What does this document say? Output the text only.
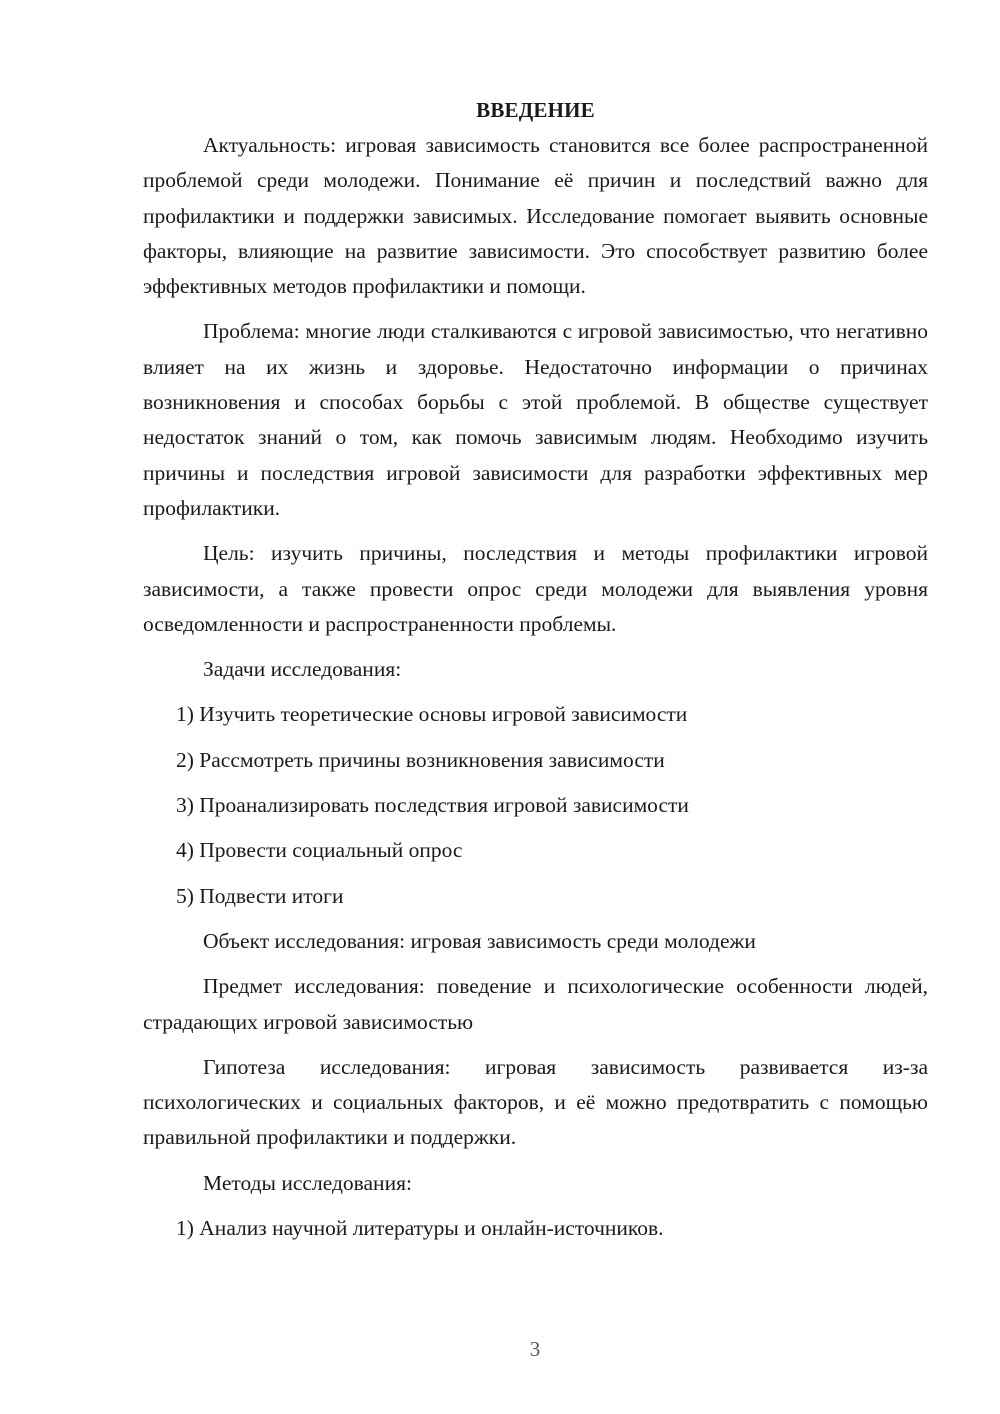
ВВЕДЕНИЕ

Актуальность: игровая зависимость становится все более распространенной проблемой среди молодежи. Понимание её причин и последствий важно для профилактики и поддержки зависимых. Исследование помогает выявить основные факторы, влияющие на развитие зависимости. Это способствует развитию более эффективных методов профилактики и помощи.

Проблема: многие люди сталкиваются с игровой зависимостью, что негативно влияет на их жизнь и здоровье. Недостаточно информации о причинах возникновения и способах борьбы с этой проблемой. В обществе существует недостаток знаний о том, как помочь зависимым людям. Необходимо изучить причины и последствия игровой зависимости для разработки эффективных мер профилактики.

Цель: изучить причины, последствия и методы профилактики игровой зависимости, а также провести опрос среди молодежи для выявления уровня осведомленности и распространенности проблемы.

Задачи исследования:
1) Изучить теоретические основы игровой зависимости
2) Рассмотреть причины возникновения зависимости
3) Проанализировать последствия игровой зависимости
4) Провести социальный опрос
5) Подвести итоги
Объект исследования: игровая зависимость среди молодежи

Предмет исследования: поведение и психологические особенности людей, страдающих игровой зависимостью

Гипотеза исследования: игровая зависимость развивается из-за психологических и социальных факторов, и её можно предотвратить с помощью правильной профилактики и поддержки.

Методы исследования:
1) Анализ научной литературы и онлайн-источников.
3
